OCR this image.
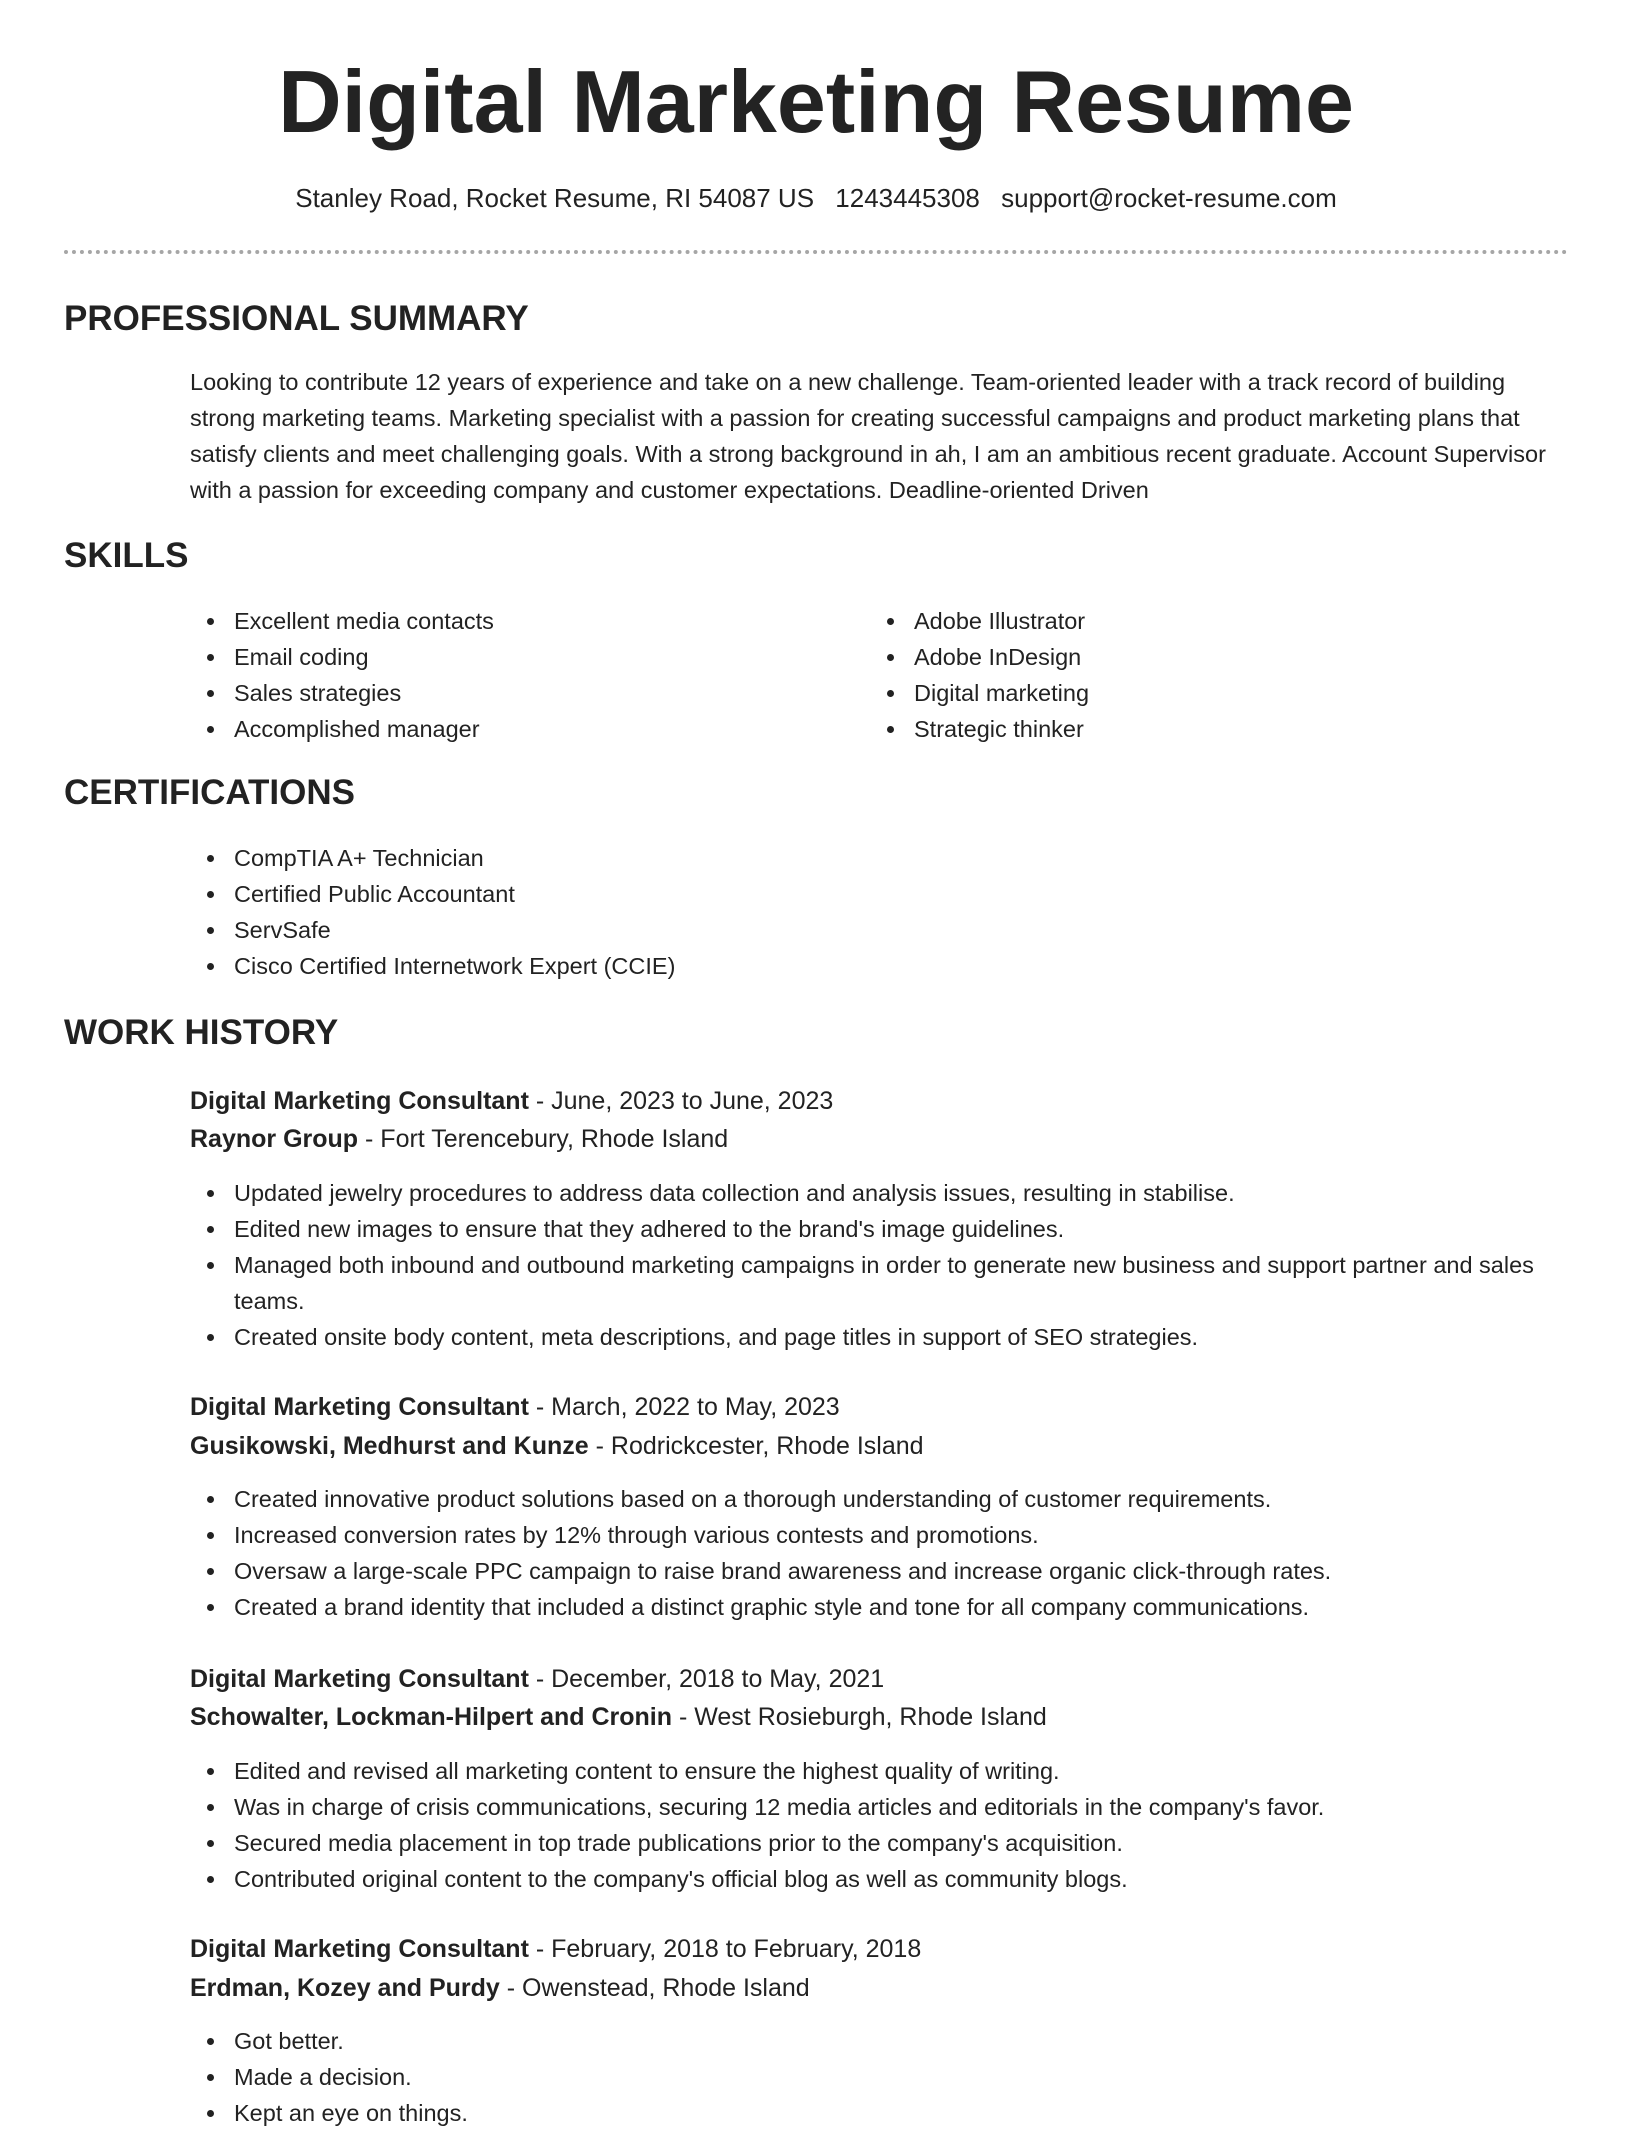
Digital Marketing Resume
Stanley Road, Rocket Resume, RI 54087 US 1243445308 support@rocket-resume.com
PROFESSIONAL SUMMARY

Looking to contribute 12 years of experience and take on a new challenge. Team-oriented leader with a track record of building strong marketing teams. Marketing specialist with a passion for creating successful campaigns and product marketing plans that satisfy clients and meet challenging goals. With a strong background in ah, I am an ambitious recent graduate. Account Supervisor with a passion for exceeding company and customer expectations. Deadline-oriented Driven

SKILLS
Excellent media contacts
Email coding
Sales strategies
Accomplished manager
Adobe Illustrator
Adobe InDesign
Digital marketing
Strategic thinker
CERTIFICATIONS
CompTIA A+ Technician
Certified Public Accountant
ServSafe
Cisco Certified Internetwork Expert (CCIE)
WORK HISTORY
Digital Marketing Consultant - June, 2023 to June, 2023
Raynor Group - Fort Terencebury, Rhode Island
Updated jewelry procedures to address data collection and analysis issues, resulting in stabilise.
Edited new images to ensure that they adhered to the brand's image guidelines.
Managed both inbound and outbound marketing campaigns in order to generate new business and support partner and sales teams.
Created onsite body content, meta descriptions, and page titles in support of SEO strategies.
Digital Marketing Consultant - March, 2022 to May, 2023
Gusikowski, Medhurst and Kunze - Rodrickcester, Rhode Island
Created innovative product solutions based on a thorough understanding of customer requirements.
Increased conversion rates by 12% through various contests and promotions.
Oversaw a large-scale PPC campaign to raise brand awareness and increase organic click-through rates.
Created a brand identity that included a distinct graphic style and tone for all company communications.
Digital Marketing Consultant - December, 2018 to May, 2021
Schowalter, Lockman-Hilpert and Cronin - West Rosieburgh, Rhode Island
Edited and revised all marketing content to ensure the highest quality of writing.
Was in charge of crisis communications, securing 12 media articles and editorials in the company's favor.
Secured media placement in top trade publications prior to the company's acquisition.
Contributed original content to the company's official blog as well as community blogs.
Digital Marketing Consultant - February, 2018 to February, 2018
Erdman, Kozey and Purdy - Owenstead, Rhode Island
Got better.
Made a decision.
Kept an eye on things.
